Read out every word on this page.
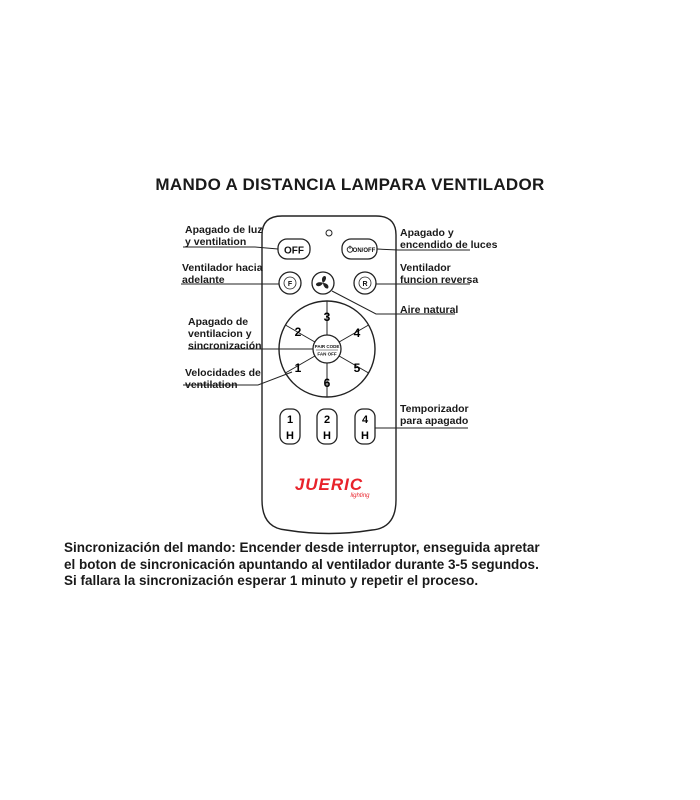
MANDO A DISTANCIA LAMPARA VENTILADOR
OFF	ON/OFF
F	R
PAIR CODE
FAN OFF
2
3
4
1	5
6
1
H
2
H
4
H
JUERIC
lighting
Apagado de luz
y ventilation
Apagado y
encendido de luces
Ventilador hacia
adelante
Ventilador
funcion reversa
Aire natural
Apagado de
ventilacion y
sincronización
Velocidades de
ventilation
Temporizador
para apagado
Sincronización del mando: Encender desde interruptor, enseguida apretar
el boton de sincronicación apuntando al ventilador durante 3-5 segundos.
Si fallara la sincronización esperar 1 minuto y repetir el proceso.
